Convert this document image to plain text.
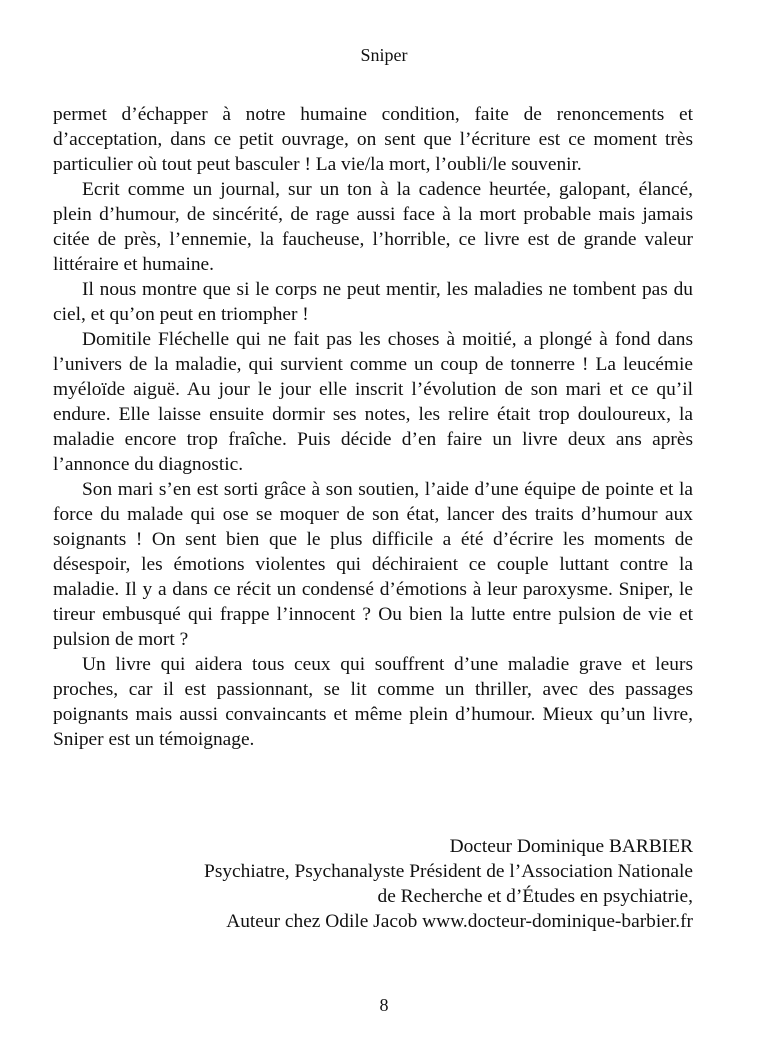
Sniper

permet d’échapper à notre humaine condition, faite de renoncements et d’acceptation, dans ce petit ouvrage, on sent que l’écriture est ce moment très particulier où tout peut basculer ! La vie/la mort, l’oubli/le souvenir.

Ecrit comme un journal, sur un ton à la cadence heurtée, galopant, élancé, plein d’humour, de sincérité, de rage aussi face à la mort probable mais jamais citée de près, l’ennemie, la faucheuse, l’horrible, ce livre est de grande valeur littéraire et humaine.

Il nous montre que si le corps ne peut mentir, les maladies ne tombent pas du ciel, et qu’on peut en triompher !

Domitile Fléchelle qui ne fait pas les choses à moitié, a plongé à fond dans l’univers de la maladie, qui survient comme un coup de tonnerre ! La leucémie myéloïde aiguë. Au jour le jour elle inscrit l’évolution de son mari et ce qu’il endure. Elle laisse ensuite dormir ses notes, les relire était trop douloureux, la maladie encore trop fraîche. Puis décide d’en faire un livre deux ans après l’annonce du diagnostic.

Son mari s’en est sorti grâce à son soutien, l’aide d’une équipe de pointe et la force du malade qui ose se moquer de son état, lancer des traits d’humour aux soignants ! On sent bien que le plus difficile a été d’écrire les moments de désespoir, les émotions violentes qui déchiraient ce couple luttant contre la maladie. Il y a dans ce récit un condensé d’émotions à leur paroxysme. Sniper, le tireur embusqué qui frappe l’innocent ? Ou bien la lutte entre pulsion de vie et pulsion de mort ?

Un livre qui aidera tous ceux qui souffrent d’une maladie grave et leurs proches, car il est passionnant, se lit comme un thriller, avec des passages poignants mais aussi convaincants et même plein d’humour. Mieux qu’un livre, Sniper est un témoignage.

Docteur Dominique BARBIER
Psychiatre, Psychanalyste Président de l’Association Nationale
de Recherche et d’Études en psychiatrie,
Auteur chez Odile Jacob www.docteur-dominique-barbier.fr
8
